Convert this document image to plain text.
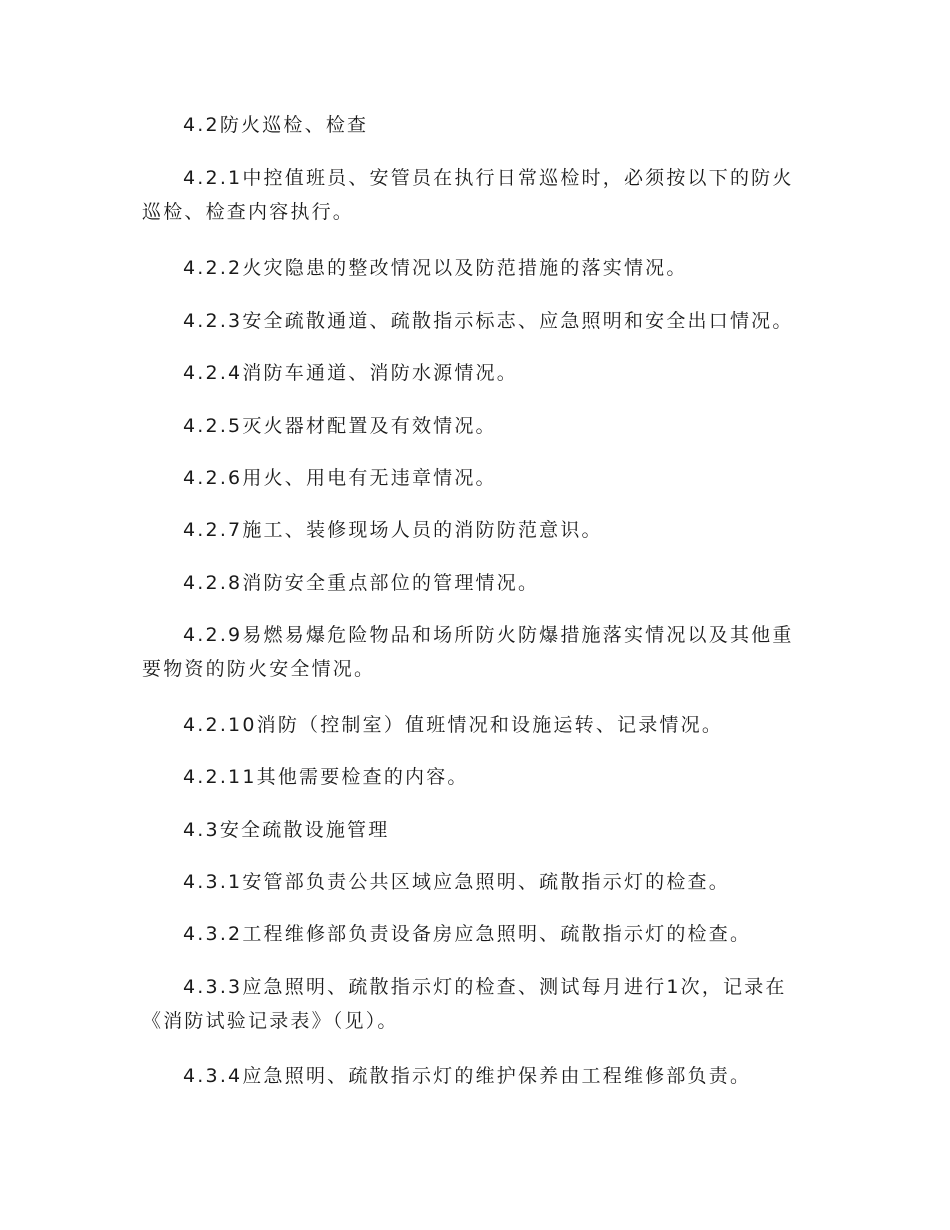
4.2防火巡检、检查

4.2.1中控值班员、安管员在执行日常巡检时，必须按以下的防火巡检、检查内容执行。

4.2.2火灾隐患的整改情况以及防范措施的落实情况。

4.2.3安全疏散通道、疏散指示标志、应急照明和安全出口情况。

4.2.4消防车通道、消防水源情况。

4.2.5灭火器材配置及有效情况。

4.2.6用火、用电有无违章情况。

4.2.7施工、装修现场人员的消防防范意识。

4.2.8消防安全重点部位的管理情况。

4.2.9易燃易爆危险物品和场所防火防爆措施落实情况以及其他重要物资的防火安全情况。

4.2.10消防（控制室）值班情况和设施运转、记录情况。

4.2.11其他需要检查的内容。

4.3安全疏散设施管理

4.3.1安管部负责公共区域应急照明、疏散指示灯的检查。

4.3.2工程维修部负责设备房应急照明、疏散指示灯的检查。

4.3.3应急照明、疏散指示灯的检查、测试每月进行1次，记录在《消防试验记录表》（见）。

4.3.4应急照明、疏散指示灯的维护保养由工程维修部负责。
